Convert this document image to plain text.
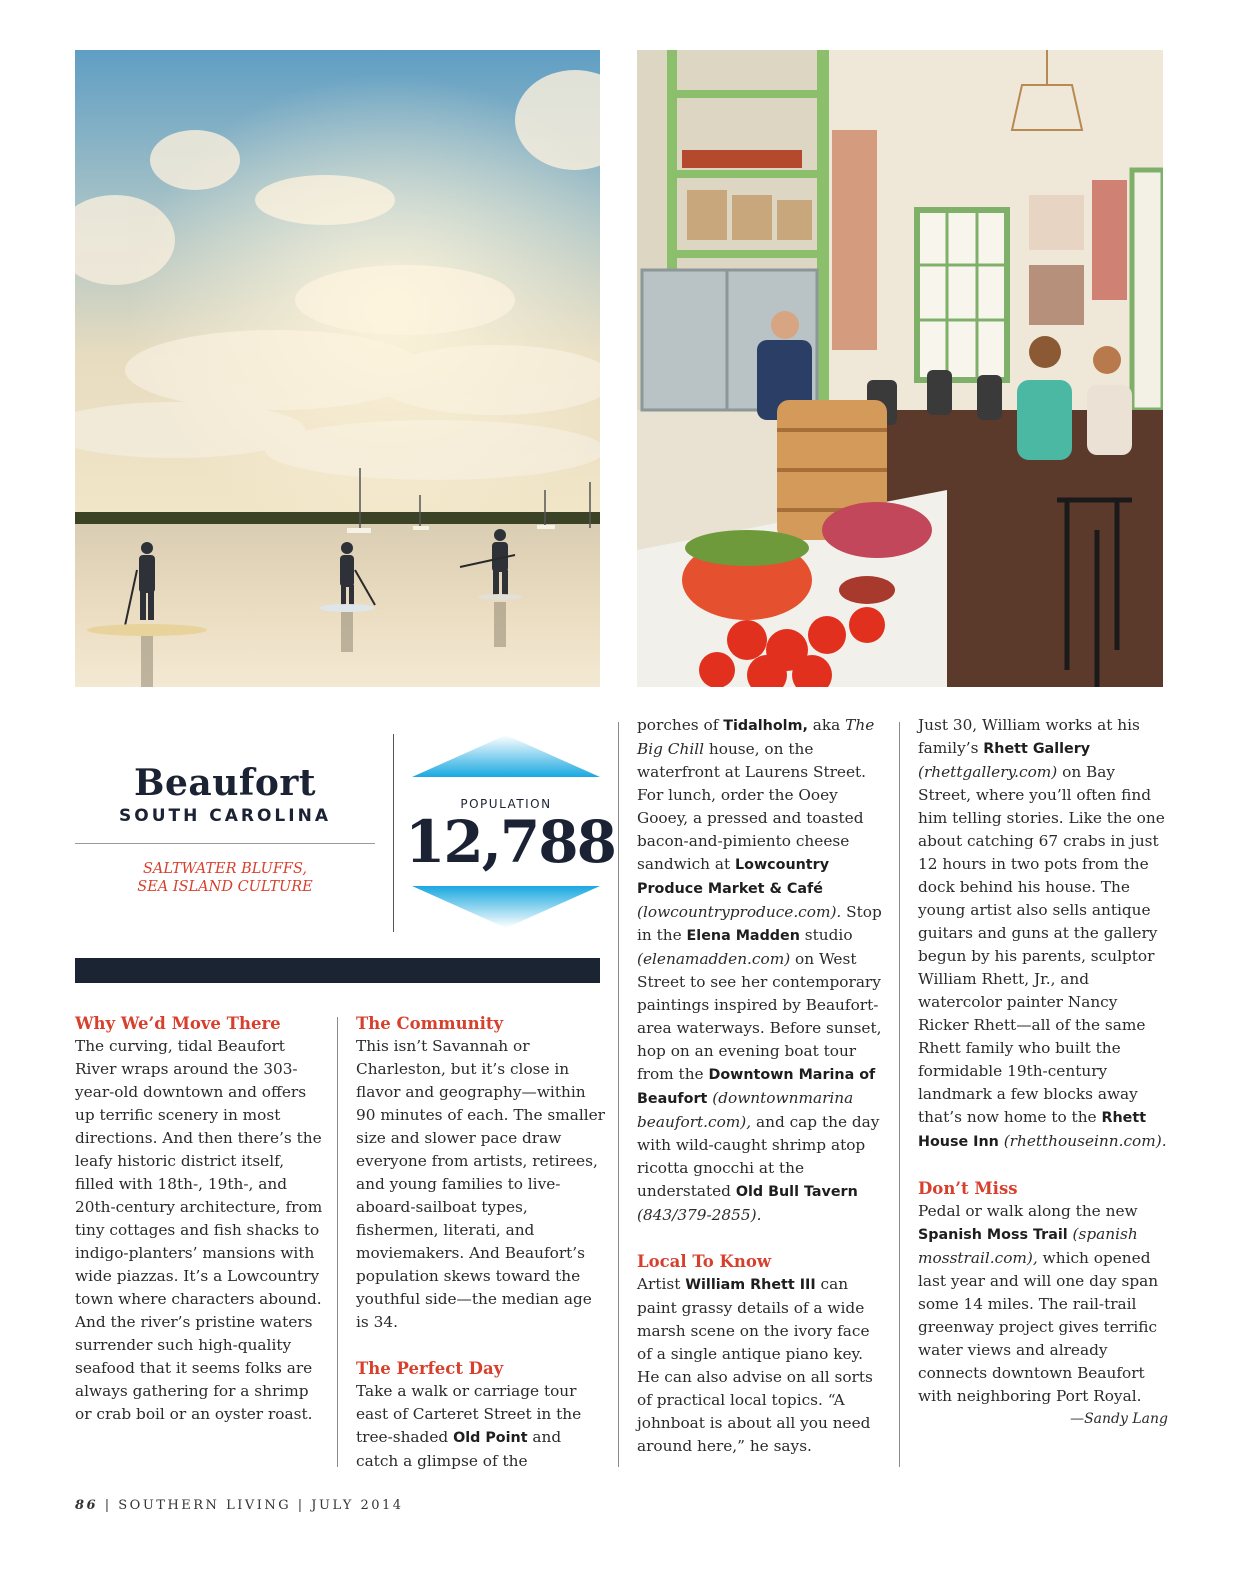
Beaufort
SOUTH CAROLINA
SALTWATER BLUFFS,
SEA ISLAND CULTURE
POPULATION
12,788

Why We’d Move There

The curving, tidal Beaufort River wraps around the 303-year-old downtown and offers up terrific scenery in most directions. And then there’s the leafy historic district itself, filled with 18th-, 19th-, and 20th-century architecture, from tiny cottages and fish shacks to indigo-planters’ mansions with wide piazzas. It’s a Lowcountry town where characters abound. And the river’s pristine waters surrender such high-quality seafood that it seems folks are always gathering for a shrimp or crab boil or an oyster roast.

The Community

This isn’t Savannah or Charleston, but it’s close in flavor and geography—within 90 minutes of each. The smaller size and slower pace draw everyone from artists, retirees, and young families to live-aboard-sailboat types, fishermen, literati, and moviemakers. And Beaufort’s population skews toward the youthful side—the median age is 34.

The Perfect Day

Take a walk or carriage tour east of Carteret Street in the tree-shaded Old Point and catch a glimpse of the

porches of Tidalholm, aka The Big Chill house, on the waterfront at Laurens Street. For lunch, order the Ooey Gooey, a pressed and toasted bacon-and-pimiento cheese sandwich at Lowcountry Produce Market & Café (lowcountryproduce.com). Stop in the Elena Madden studio (elenamadden.com) on West Street to see her contemporary paintings inspired by Beaufort-area waterways. Before sunset, hop on an evening boat tour from the Downtown Marina of Beaufort (downtownmarina beaufort.com), and cap the day with wild-caught shrimp atop ricotta gnocchi at the understated Old Bull Tavern (843/379-2855).

Local To Know

Artist William Rhett III can paint grassy details of a wide marsh scene on the ivory face of a single antique piano key. He can also advise on all sorts of practical local topics. “A johnboat is about all you need around here,” he says.

Just 30, William works at his family’s Rhett Gallery (rhettgallery.com) on Bay Street, where you’ll often find him telling stories. Like the one about catching 67 crabs in just 12 hours in two pots from the dock behind his house. The young artist also sells antique guitars and guns at the gallery begun by his parents, sculptor William Rhett, Jr., and watercolor painter Nancy Ricker Rhett—all of the same Rhett family who built the formidable 19th-century landmark a few blocks away that’s now home to the Rhett House Inn (rhetthouseinn.com).

Don’t Miss

Pedal or walk along the new Spanish Moss Trail (spanish mosstrail.com), which opened last year and will one day span some 14 miles. The rail-trail greenway project gives terrific water views and already connects downtown Beaufort with neighboring Port Royal.

—Sandy Lang

86 | SOUTHERN LIVING | JULY 2014
